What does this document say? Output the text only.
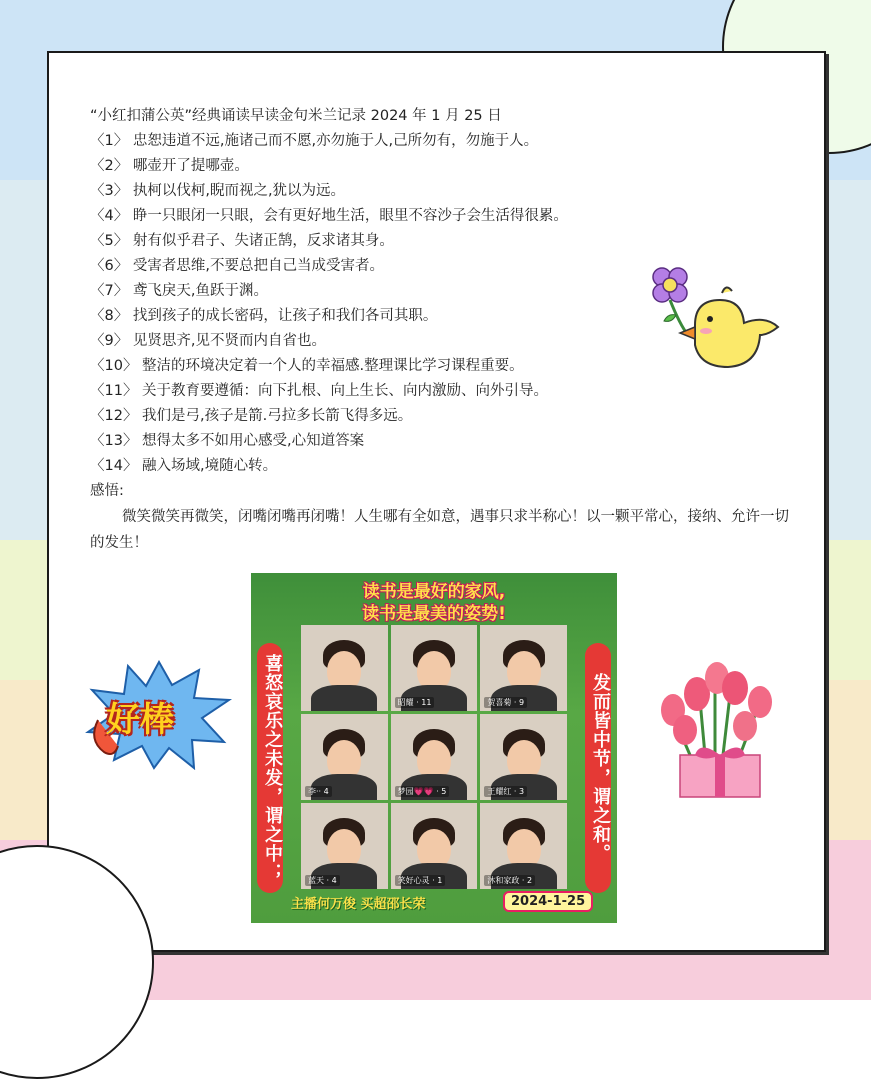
“小红扣蒲公英”经典诵读早读金句米兰记录 2024 年 1 月 25 日

〈1〉 忠恕违道不远,施诸己而不愿,亦勿施于人,己所勿有，勿施于人。

〈2〉 哪壶开了提哪壶。

〈3〉 执柯以伐柯,睨而视之,犹以为远。

〈4〉 睁一只眼闭一只眼，会有更好地生活，眼里不容沙子会生活得很累。

〈5〉 射有似乎君子、失诸正鹄，反求诸其身。

〈6〉 受害者思维,不要总把自己当成受害者。

〈7〉 鸢飞戾天,鱼跃于渊。

〈8〉 找到孩子的成长密码，让孩子和我们各司其职。

〈9〉 见贤思齐,见不贤而内自省也。

〈10〉 整洁的环境决定着一个人的幸福感.整理课比学习课程重要。

〈11〉 关于教育要遵循：向下扎根、向上生长、向内激励、向外引导。

〈12〉 我们是弓,孩子是箭.弓拉多长箭飞得多远。

〈13〉 想得太多不如用心感受,心知道答案

〈14〉 融入场域,境随心转。

感悟:

微笑微笑再微笑，闭嘴闭嘴再闭嘴！人生哪有全如意，遇事只求半称心！以一颗平常心，接纳、允许一切的发生！

读书是最好的家风,
读书是最美的姿势!
喜怒哀乐之未发，谓之中；	发而皆中节，谓之和。
昭耀 · 11	贺喜菊 · 9
李·· 4	梦园💗💗 · 5	王耀红 · 3
蓝天 · 4	笑好心灵 · 1	沐和家政 · 2
主播何万俊 买超邵长荣	2024-1-25
好棒
